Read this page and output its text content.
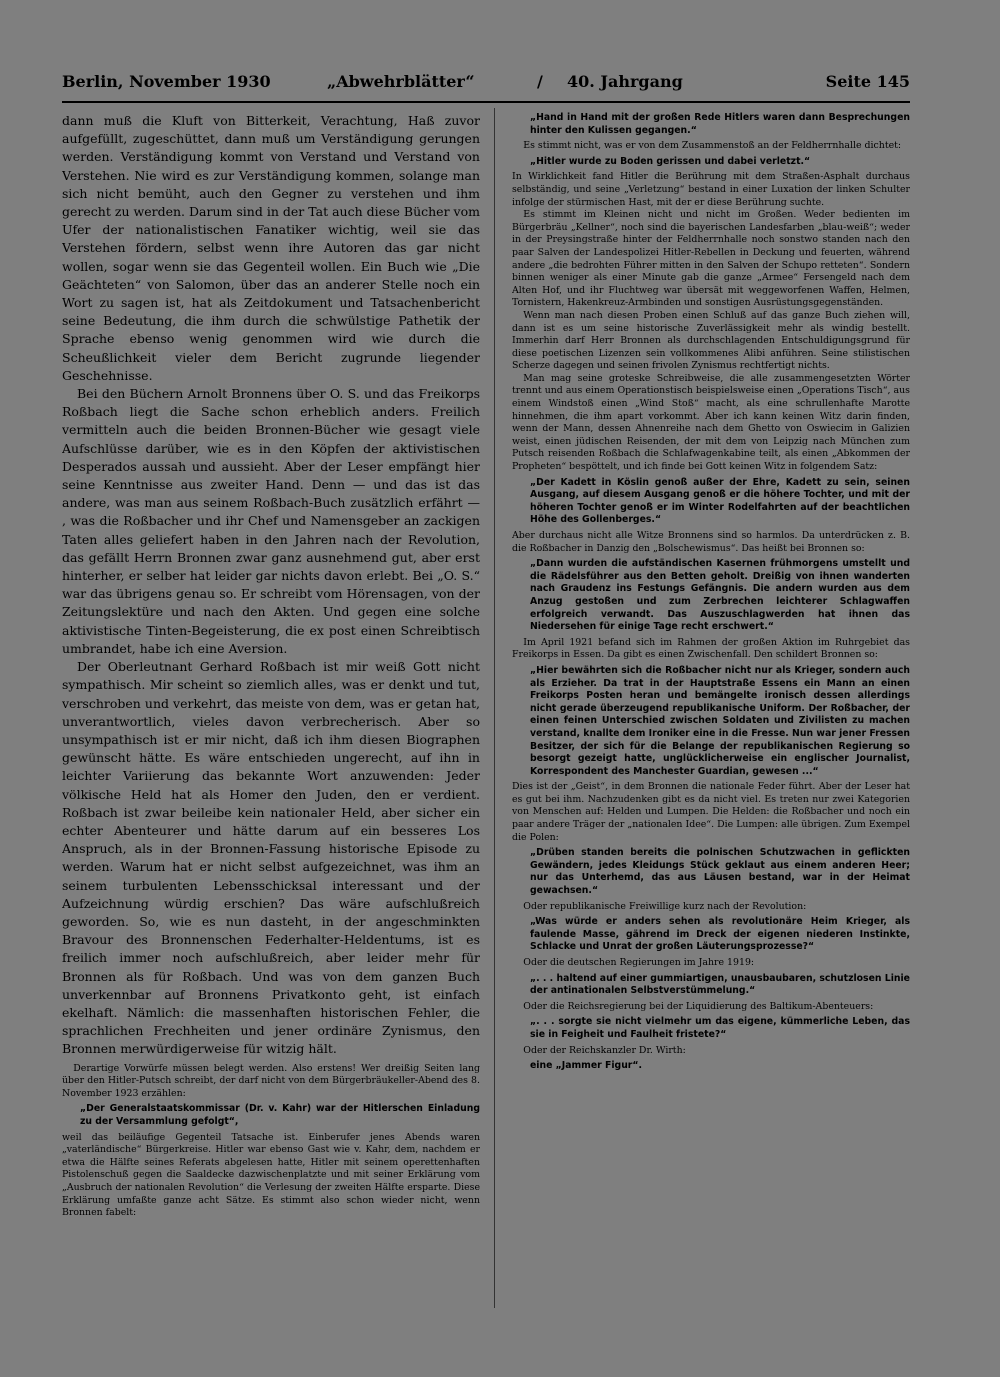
Berlin, November 1930	„Abwehrblätter“	/ 40. Jahrgang	Seite 145

dann muß die Kluft von Bitterkeit, Verachtung, Haß zuvor aufgefüllt, zugeschüttet, dann muß um Verständigung gerungen werden. Verständigung kommt von Verstand und Verstand von Verstehen. Nie wird es zur Verständigung kommen, solange man sich nicht bemüht, auch den Gegner zu verstehen und ihm gerecht zu werden. Darum sind in der Tat auch diese Bücher vom Ufer der nationalistischen Fanatiker wichtig, weil sie das Verstehen fördern, selbst wenn ihre Autoren das gar nicht wollen, sogar wenn sie das Gegenteil wollen. Ein Buch wie „Die Geächteten“ von Salomon, über das an anderer Stelle noch ein Wort zu sagen ist, hat als Zeitdokument und Tatsachenbericht seine Bedeutung, die ihm durch die schwülstige Pathetik der Sprache ebenso wenig genommen wird wie durch die Scheußlichkeit vieler dem Bericht zugrunde liegender Geschehnisse.

Bei den Büchern Arnolt Bronnens über O. S. und das Freikorps Roßbach liegt die Sache schon erheblich anders. Freilich vermitteln auch die beiden Bronnen-Bücher wie gesagt viele Aufschlüsse darüber, wie es in den Köpfen der aktivistischen Desperados aussah und aussieht. Aber der Leser empfängt hier seine Kenntnisse aus zweiter Hand. Denn — und das ist das andere, was man aus seinem Roßbach-Buch zusätzlich erfährt — , was die Roßbacher und ihr Chef und Namensgeber an zackigen Taten alles geliefert haben in den Jahren nach der Revolution, das gefällt Herrn Bronnen zwar ganz ausnehmend gut, aber erst hinterher, er selber hat leider gar nichts davon erlebt. Bei „O. S.“ war das übrigens genau so. Er schreibt vom Hörensagen, von der Zeitungslektüre und nach den Akten. Und gegen eine solche aktivistische Tinten-Begeisterung, die ex post einen Schreibtisch umbrandet, habe ich eine Aversion.

Der Oberleutnant Gerhard Roßbach ist mir weiß Gott nicht sympathisch. Mir scheint so ziemlich alles, was er denkt und tut, verschroben und verkehrt, das meiste von dem, was er getan hat, unverantwortlich, vieles davon verbrecherisch. Aber so unsympathisch ist er mir nicht, daß ich ihm diesen Biographen gewünscht hätte. Es wäre entschieden ungerecht, auf ihn in leichter Variierung das bekannte Wort anzuwenden: Jeder völkische Held hat als Homer den Juden, den er verdient. Roßbach ist zwar beileibe kein nationaler Held, aber sicher ein echter Abenteurer und hätte darum auf ein besseres Los Anspruch, als in der Bronnen-Fassung historische Episode zu werden. Warum hat er nicht selbst aufgezeichnet, was ihm an seinem turbulenten Lebensschicksal interessant und der Aufzeichnung würdig erschien? Das wäre aufschlußreich geworden. So, wie es nun dasteht, in der angeschminkten Bravour des Bronnenschen Federhalter-Heldentums, ist es freilich immer noch aufschlußreich, aber leider mehr für Bronnen als für Roßbach. Und was von dem ganzen Buch unverkennbar auf Bronnens Privatkonto geht, ist einfach ekelhaft. Nämlich: die massenhaften historischen Fehler, die sprachlichen Frechheiten und jener ordinäre Zynismus, den Bronnen merwürdigerweise für witzig hält.

Derartige Vorwürfe müssen belegt werden. Also erstens! Wer dreißig Seiten lang über den Hitler-Putsch schreibt, der darf nicht von dem Bürgerbräukeller-Abend des 8. November 1923 erzählen:

„Der Generalstaatskommissar (Dr. v. Kahr) war der Hitlerschen Einladung zu der Versammlung gefolgt“,

weil das beiläufige Gegenteil Tatsache ist. Einberufer jenes Abends waren „vaterländische“ Bürgerkreise. Hitler war ebenso Gast wie v. Kahr, dem, nachdem er etwa die Hälfte seines Referats abgelesen hatte, Hitler mit seinem operettenhaften Pistolenschuß gegen die Saaldecke dazwischenplatzte und mit seiner Erklärung vom „Ausbruch der nationalen Revolution“ die Verlesung der zweiten Hälfte ersparte. Diese Erklärung umfaßte ganze acht Sätze. Es stimmt also schon wieder nicht, wenn Bronnen fabelt:

„Hand in Hand mit der großen Rede Hitlers waren dann Besprechungen hinter den Kulissen gegangen.“

Es stimmt nicht, was er von dem Zusammenstoß an der Feldherrnhalle dichtet:

„Hitler wurde zu Boden gerissen und dabei verletzt.“

In Wirklichkeit fand Hitler die Berührung mit dem Straßen-Asphalt durchaus selbständig, und seine „Verletzung“ bestand in einer Luxation der linken Schulter infolge der stürmischen Hast, mit der er diese Berührung suchte.

Es stimmt im Kleinen nicht und nicht im Großen. Weder bedienten im Bürgerbräu „Kellner“, noch sind die bayerischen Landesfarben „blau-weiß“; weder in der Preysingstraße hinter der Feldherrnhalle noch sonstwo standen nach den paar Salven der Landespolizei Hitler-Rebellen in Deckung und feuerten, während andere „die bedrohten Führer mitten in den Salven der Schupo retteten“. Sondern binnen weniger als einer Minute gab die ganze „Armee“ Fersengeld nach dem Alten Hof, und ihr Fluchtweg war übersät mit weggeworfenen Waffen, Helmen, Tornistern, Hakenkreuz-Armbinden und sonstigen Ausrüstungsgegenständen.

Wenn man nach diesen Proben einen Schluß auf das ganze Buch ziehen will, dann ist es um seine historische Zuverlässigkeit mehr als windig bestellt. Immerhin darf Herr Bronnen als durchschlagenden Entschuldigungsgrund für diese poetischen Lizenzen sein vollkommenes Alibi anführen. Seine stilistischen Scherze dagegen und seinen frivolen Zynismus rechtfertigt nichts.

Man mag seine groteske Schreibweise, die alle zusammengesetzten Wörter trennt und aus einem Operationstisch beispielsweise einen „Operations Tisch“, aus einem Windstoß einen „Wind Stoß“ macht, als eine schrullenhafte Marotte hinnehmen, die ihm apart vorkommt. Aber ich kann keinen Witz darin finden, wenn der Mann, dessen Ahnenreihe nach dem Ghetto von Oswiecim in Galizien weist, einen jüdischen Reisenden, der mit dem von Leipzig nach München zum Putsch reisenden Roßbach die Schlafwagenkabine teilt, als einen „Abkommen der Propheten“ bespöttelt, und ich finde bei Gott keinen Witz in folgendem Satz:

„Der Kadett in Köslin genoß außer der Ehre, Kadett zu sein, seinen Ausgang, auf diesem Ausgang genoß er die höhere Tochter, und mit der höheren Tochter genoß er im Winter Rodelfahrten auf der beachtlichen Höhe des Gollenberges.“

Aber durchaus nicht alle Witze Bronnens sind so harmlos. Da unterdrücken z. B. die Roßbacher in Danzig den „Bolschewismus“. Das heißt bei Bronnen so:

„Dann wurden die aufständischen Kasernen frühmorgens umstellt und die Rädelsführer aus den Betten geholt. Dreißig von ihnen wanderten nach Graudenz ins Festungs Gefängnis. Die andern wurden aus dem Anzug gestoßen und zum Zerbrechen leichterer Schlagwaffen erfolgreich verwandt. Das Auszuschlagwerden hat ihnen das Niedersehen für einige Tage recht erschwert.“

Im April 1921 befand sich im Rahmen der großen Aktion im Ruhrgebiet das Freikorps in Essen. Da gibt es einen Zwischenfall. Den schildert Bronnen so:

„Hier bewährten sich die Roßbacher nicht nur als Krieger, sondern auch als Erzieher. Da trat in der Hauptstraße Essens ein Mann an einen Freikorps Posten heran und bemängelte ironisch dessen allerdings nicht gerade überzeugend republikanische Uniform. Der Roßbacher, der einen feinen Unterschied zwischen Soldaten und Zivilisten zu machen verstand, knallte dem Ironiker eine in die Fresse. Nun war jener Fressen Besitzer, der sich für die Belange der republikanischen Regierung so besorgt gezeigt hatte, unglücklicherweise ein englischer Journalist, Korrespondent des Manchester Guardian, gewesen ...“

Dies ist der „Geist“, in dem Bronnen die nationale Feder führt. Aber der Leser hat es gut bei ihm. Nachzudenken gibt es da nicht viel. Es treten nur zwei Kategorien von Menschen auf: Helden und Lumpen. Die Helden: die Roßbacher und noch ein paar andere Träger der „nationalen Idee“. Die Lumpen: alle übrigen. Zum Exempel die Polen:

„Drüben standen bereits die polnischen Schutzwachen in geflickten Gewändern, jedes Kleidungs Stück geklaut aus einem anderen Heer; nur das Unterhemd, das aus Läusen bestand, war in der Heimat gewachsen.“

Oder republikanische Freiwillige kurz nach der Revolution:

„Was würde er anders sehen als revolutionäre Heim Krieger, als faulende Masse, gährend im Dreck der eigenen niederen Instinkte, Schlacke und Unrat der großen Läuterungsprozesse?“

Oder die deutschen Regierungen im Jahre 1919:

„. . . haltend auf einer gummiartigen, unausbaubaren, schutzlosen Linie der antinationalen Selbstverstümmelung.“

Oder die Reichsregierung bei der Liquidierung des Baltikum-Abenteuers:

„. . . sorgte sie nicht vielmehr um das eigene, kümmerliche Leben, das sie in Feigheit und Faulheit fristete?“

Oder der Reichskanzler Dr. Wirth:

eine „Jammer Figur“.
